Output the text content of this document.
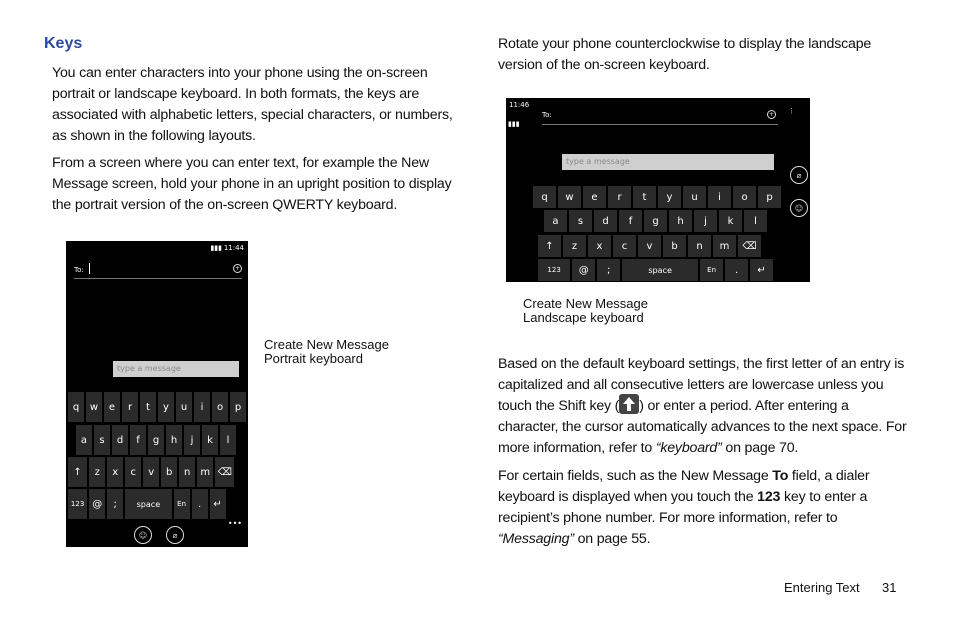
Keys

You can enter characters into your phone using the on-screen portrait or landscape keyboard. In both formats, the keys are associated with alphabetic letters, special characters, or numbers, as shown in the following layouts.

From a screen where you can enter text, for example the New Message screen, hold your phone in an upright position to display the portrait version of the on-screen QWERTY keyboard.

Rotate your phone counterclockwise to display the landscape version of the on-screen keyboard.

Based on the default keyboard settings, the first letter of an entry is capitalized and all consecutive letters are lowercase unless you touch the Shift key ( ) or enter a period. After entering a character, the cursor automatically advances to the next space. For more information, refer to “keyboard” on page 70.

For certain fields, such as the New Message To field, a dialer keyboard is displayed when you touch the 123 key to enter a recipient’s phone number. For more information, refer to “Messaging” on page 55.

11:44
▮▮▮
To:	+
type a message
q	w	e	r	t	y	u	i	o	p
a	s	d	f	g	h	j	k	l
↑	z	x	c	v	b	n m ⌫
123 @	;	space	En	.	↵
•••
☺	⌀
11:46
▮▮▮
To:	+ ⋮
type a message
⌀
☺
q	w	e	r	t	y	u	i	o	p
a	s	d	f	g	h	j	k	l
↑	z	x	c	v	b	n	m	⌫
123	@	;	space	En	.	↵
Create New Message
Portrait keyboard
Create New Message
Landscape keyboard
Entering Text 31
